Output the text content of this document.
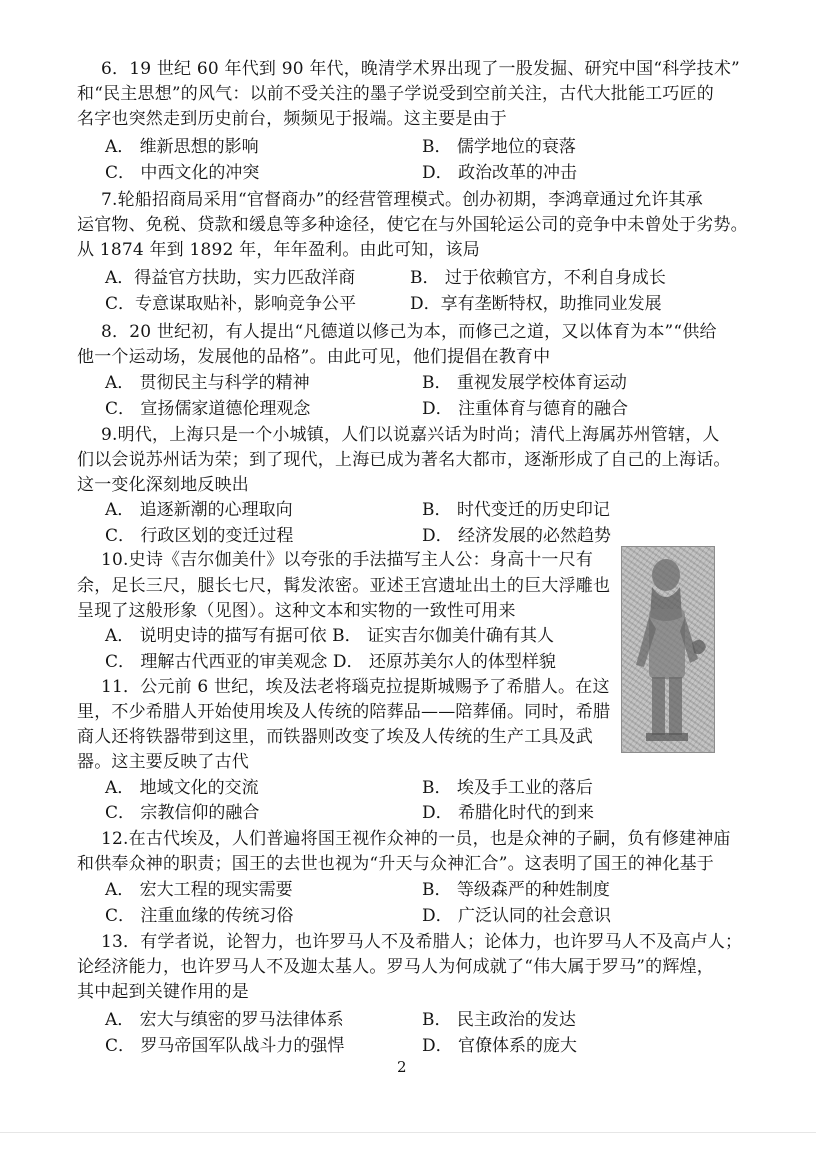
6．19 世纪 60 年代到 90 年代，晚清学术界出现了一股发掘、研究中国“科学技术”
和“民主思想”的风气：以前不受关注的墨子学说受到空前关注，古代大批能工巧匠的
名字也突然走到历史前台，频频见于报端。这主要是由于
A． 维新思想的影响	B． 儒学地位的衰落
C． 中西文化的冲突	D． 政治改革的冲击
7.轮船招商局采用“官督商办”的经营管理模式。创办初期，李鸿章通过允许其承
运官物、免税、贷款和缓息等多种途径，使它在与外国轮运公司的竞争中未曾处于劣势。
从 1874 年到 1892 年，年年盈利。由此可知，该局
A．得益官方扶助，实力匹敌洋商	B． 过于依赖官方，不利自身成长
C．专意谋取贴补，影响竞争公平	D．享有垄断特权，助推同业发展
8．20 世纪初，有人提出“凡德道以修己为本，而修己之道，又以体育为本”“供给
他一个运动场，发展他的品格”。由此可见，他们提倡在教育中
A． 贯彻民主与科学的精神	B． 重视发展学校体育运动
C． 宣扬儒家道德伦理观念	D． 注重体育与德育的融合
9.明代，上海只是一个小城镇，人们以说嘉兴话为时尚；清代上海属苏州管辖，人
们以会说苏州话为荣；到了现代，上海已成为著名大都市，逐渐形成了自己的上海话。
这一变化深刻地反映出
A． 追逐新潮的心理取向	B． 时代变迁的历史印记
C． 行政区划的变迁过程	D． 经济发展的必然趋势
10.史诗《吉尔伽美什》以夸张的手法描写主人公：身高十一尺有
余，足长三尺，腿长七尺，髯发浓密。亚述王宫遗址出土的巨大浮雕也
呈现了这般形象（见图）。这种文本和实物的一致性可用来
A． 说明史诗的描写有据可依 B． 证实吉尔伽美什确有其人
C． 理解古代西亚的审美观念 D． 还原苏美尔人的体型样貌
11．公元前 6 世纪，埃及法老将瑙克拉提斯城赐予了希腊人。在这
里，不少希腊人开始使用埃及人传统的陪葬品——陪葬俑。同时，希腊
商人还将铁器带到这里，而铁器则改变了埃及人传统的生产工具及武
器。这主要反映了古代
A． 地域文化的交流	B． 埃及手工业的落后
C． 宗教信仰的融合	D． 希腊化时代的到来
12.在古代埃及，人们普遍将国王视作众神的一员，也是众神的子嗣，负有修建神庙
和供奉众神的职责；国王的去世也视为“升天与众神汇合”。这表明了国王的神化基于
A． 宏大工程的现实需要	B． 等级森严的种姓制度
C． 注重血缘的传统习俗	D． 广泛认同的社会意识
13．有学者说，论智力，也许罗马人不及希腊人；论体力，也许罗马人不及高卢人；
论经济能力，也许罗马人不及迦太基人。罗马人为何成就了“伟大属于罗马”的辉煌，
其中起到关键作用的是
A． 宏大与缜密的罗马法律体系	B． 民主政治的发达
C． 罗马帝国军队战斗力的强悍	D． 官僚体系的庞大
2
